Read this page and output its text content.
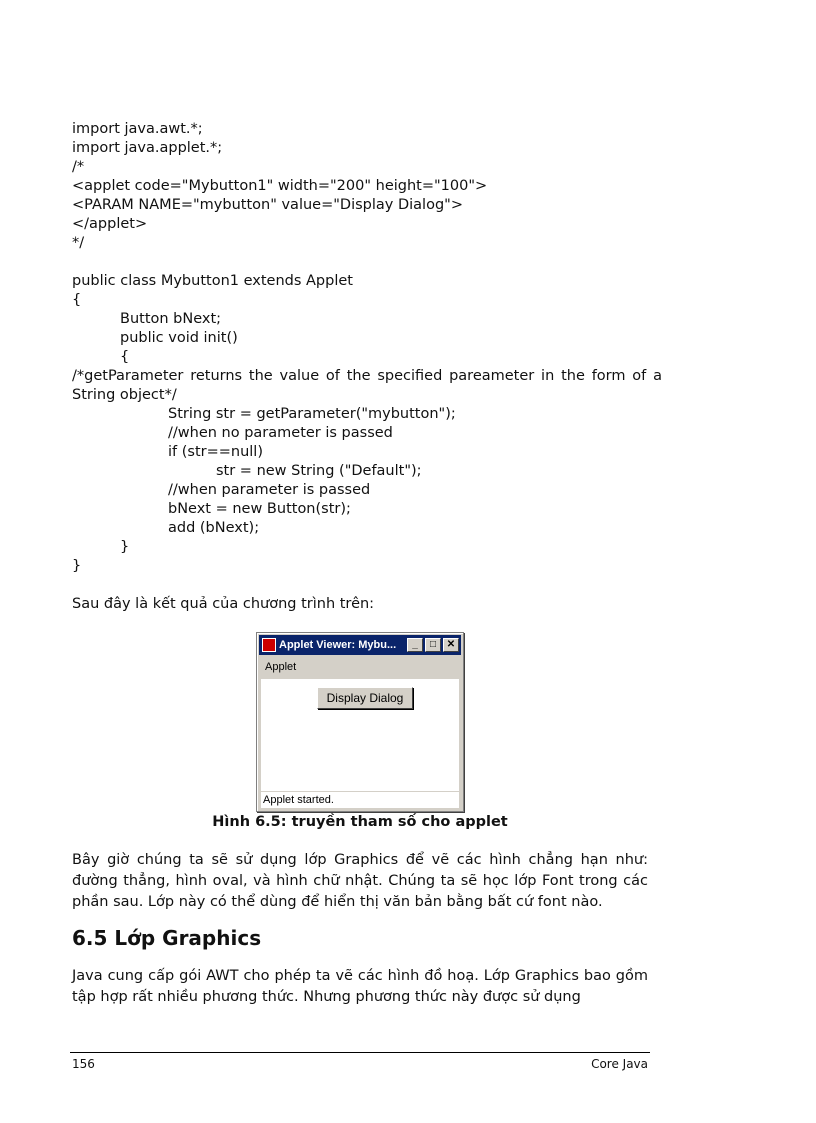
import java.awt.*;
import java.applet.*;
/*
<applet code="Mybutton1" width="200" height="100">
<PARAM NAME="mybutton" value="Display Dialog">
</applet>
*/
public class Mybutton1 extends Applet
{
Button bNext;
public void init()
{
/*getParameter returns the value of the specified pareameter in the form of a String object*/
String str = getParameter("mybutton");
//when no parameter is passed
if (str==null)
str = new String ("Default");
//when parameter is passed
bNext = new Button(str);
add (bNext);
}
}
Sau đây là kết quả của chương trình trên:
Applet Viewer: Mybu...	_	□	✕
Applet
Display Dialog
Applet started.
Hình 6.5: truyền tham số cho applet
Bây giờ chúng ta sẽ sử dụng lớp Graphics để vẽ các hình chẳng hạn như: đường thẳng, hình oval, và hình chữ nhật. Chúng ta sẽ học lớp Font trong các phần sau. Lớp này có thể dùng để hiển thị văn bản bằng bất cứ font nào.
6.5 Lớp Graphics
Java cung cấp gói AWT cho phép ta vẽ các hình đồ hoạ. Lớp Graphics bao gồm tập hợp rất nhiều phương thức. Nhưng phương thức này được sử dụng
156	Core Java
